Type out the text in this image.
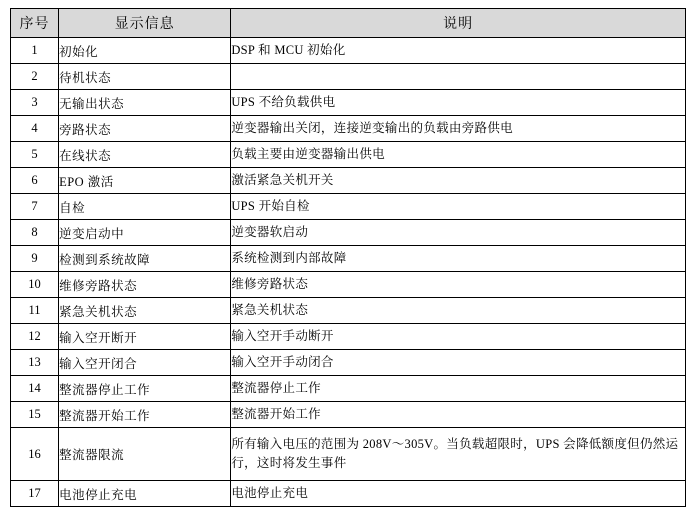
序号	显示信息	说明
1	初始化	DSP 和 MCU 初始化
2	待机状态	
3	无输出状态	UPS 不给负载供电
4	旁路状态	逆变器输出关闭，连接逆变输出的负载由旁路供电
5	在线状态	负载主要由逆变器输出供电
6	EPO 激活	激活紧急关机开关
7	自检	UPS 开始自检
8	逆变启动中	逆变器软启动
9	检测到系统故障	系统检测到内部故障
10	维修旁路状态	维修旁路状态
11	紧急关机状态	紧急关机状态
12	输入空开断开	输入空开手动断开
13	输入空开闭合	输入空开手动闭合
14	整流器停止工作	整流器停止工作
15	整流器开始工作	整流器开始工作
16	整流器限流	所有输入电压的范围为 208V～305V。当负载超限时，UPS 会降低额度但仍然运行，这时将发生事件
17	电池停止充电	电池停止充电
